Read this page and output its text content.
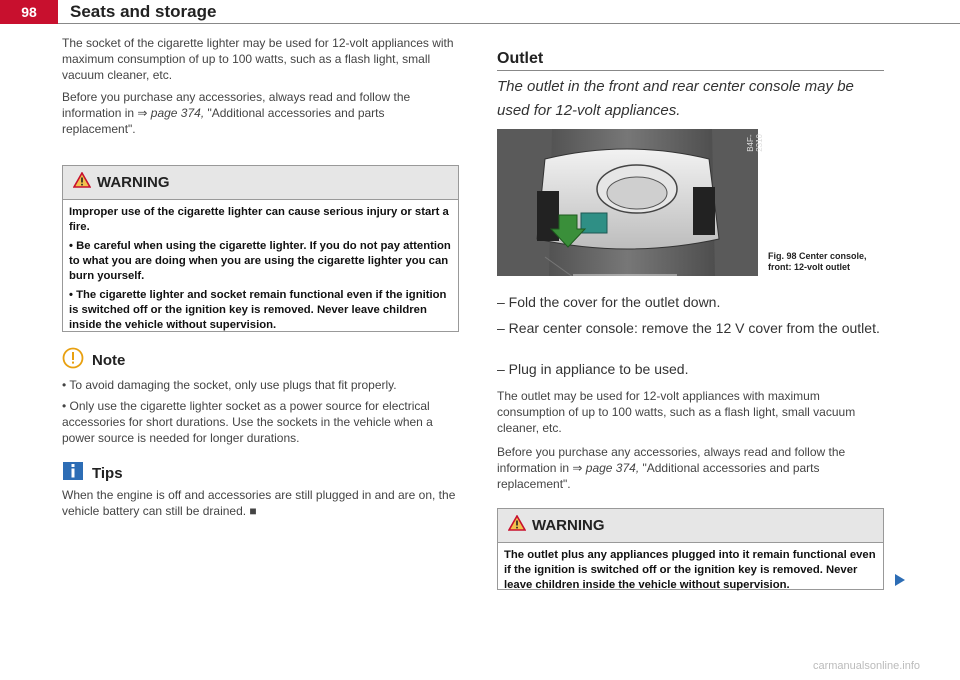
98	Seats and storage

The socket of the cigarette lighter may be used for 12-volt appliances with maximum consumption of up to 100 watts, such as a flash light, small vacuum cleaner, etc.

Before you purchase any accessories, always read and follow the information in ⇒ page 374, "Additional accessories and parts replacement".

WARNING

Improper use of the cigarette lighter can cause serious injury or start a fire.

• Be careful when using the cigarette lighter. If you do not pay attention to what you are doing when you are using the cigarette lighter you can burn yourself.

• The cigarette lighter and socket remain functional even if the ignition is switched off or the ignition key is removed. Never leave children inside the vehicle without supervision.

Note

• To avoid damaging the socket, only use plugs that fit properly.

• Only use the cigarette lighter socket as a power source for electrical accessories for short durations. Use the sockets in the vehicle when a power source is needed for longer durations.

Tips

When the engine is off and accessories are still plugged in and are on, the vehicle battery can still be drained. ■

Outlet
The outlet in the front and rear center console may be used for 12-volt appliances.
B4F-2310
Fig. 98 Center console, front: 12-volt outlet
– Fold the cover for the outlet down.
– Rear center console: remove the 12 V cover from the outlet.
– Plug in appliance to be used.

The outlet may be used for 12-volt appliances with maximum consumption of up to 100 watts, such as a flash light, small vacuum cleaner, etc.

Before you purchase any accessories, always read and follow the information in ⇒ page 374, "Additional accessories and parts replacement".

WARNING

The outlet plus any appliances plugged into it remain functional even if the ignition is switched off or the ignition key is removed. Never leave children inside the vehicle without supervision.

carmanualsonline.info
